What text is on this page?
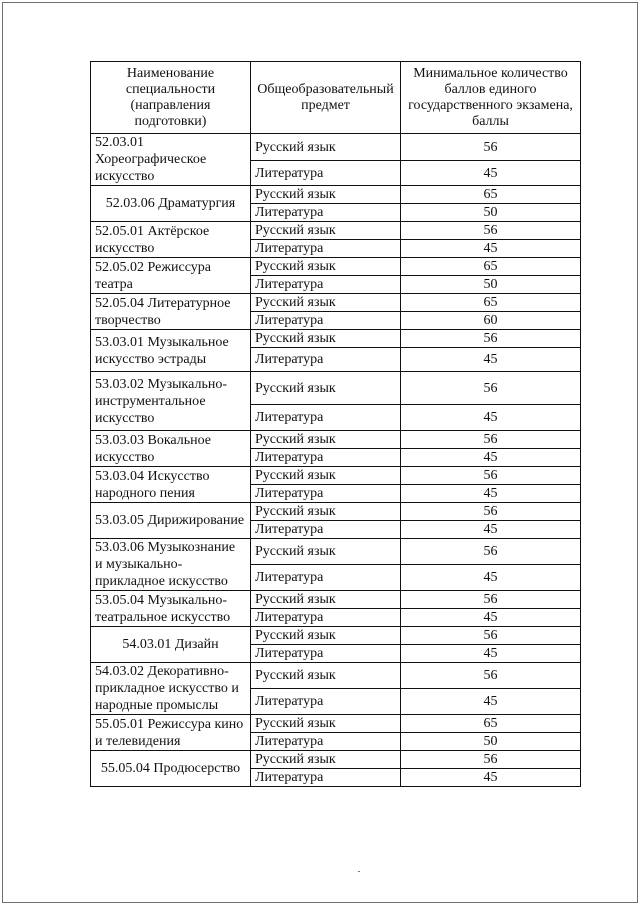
Наименование специальности (направления подготовки)	Общеобразовательный предмет	Минимальное количество баллов единого государственного экзамена, баллы
52.03.01 Хореографическое искусство	Русский язык	56
	Литература	45
52.03.06 Драматургия	Русский язык	65
	Литература	50
52.05.01 Актёрское искусство	Русский язык	56
	Литература	45
52.05.02 Режиссура театра	Русский язык	65
	Литература	50
52.05.04 Литературное творчество	Русский язык	65
	Литература	60
53.03.01 Музыкальное искусство эстрады	Русский язык	56
	Литература	45
53.03.02 Музыкально-инструментальное искусство	Русский язык	56
	Литература	45
53.03.03 Вокальное искусство	Русский язык	56
	Литература	45
53.03.04 Искусство народного пения	Русский язык	56
	Литература	45
53.03.05 Дирижирование	Русский язык	56
	Литература	45
53.03.06 Музыкознание и музыкально-прикладное искусство	Русский язык	56
	Литература	45
53.05.04 Музыкально-театральное искусство	Русский язык	56
	Литература	45
54.03.01 Дизайн	Русский язык	56
	Литература	45
54.03.02 Декоративно-прикладное искусство и народные промыслы	Русский язык	56
	Литература	45
55.05.01 Режиссура кино и телевидения	Русский язык	65
	Литература	50
55.05.04 Продюсерство	Русский язык	56
	Литература	45
